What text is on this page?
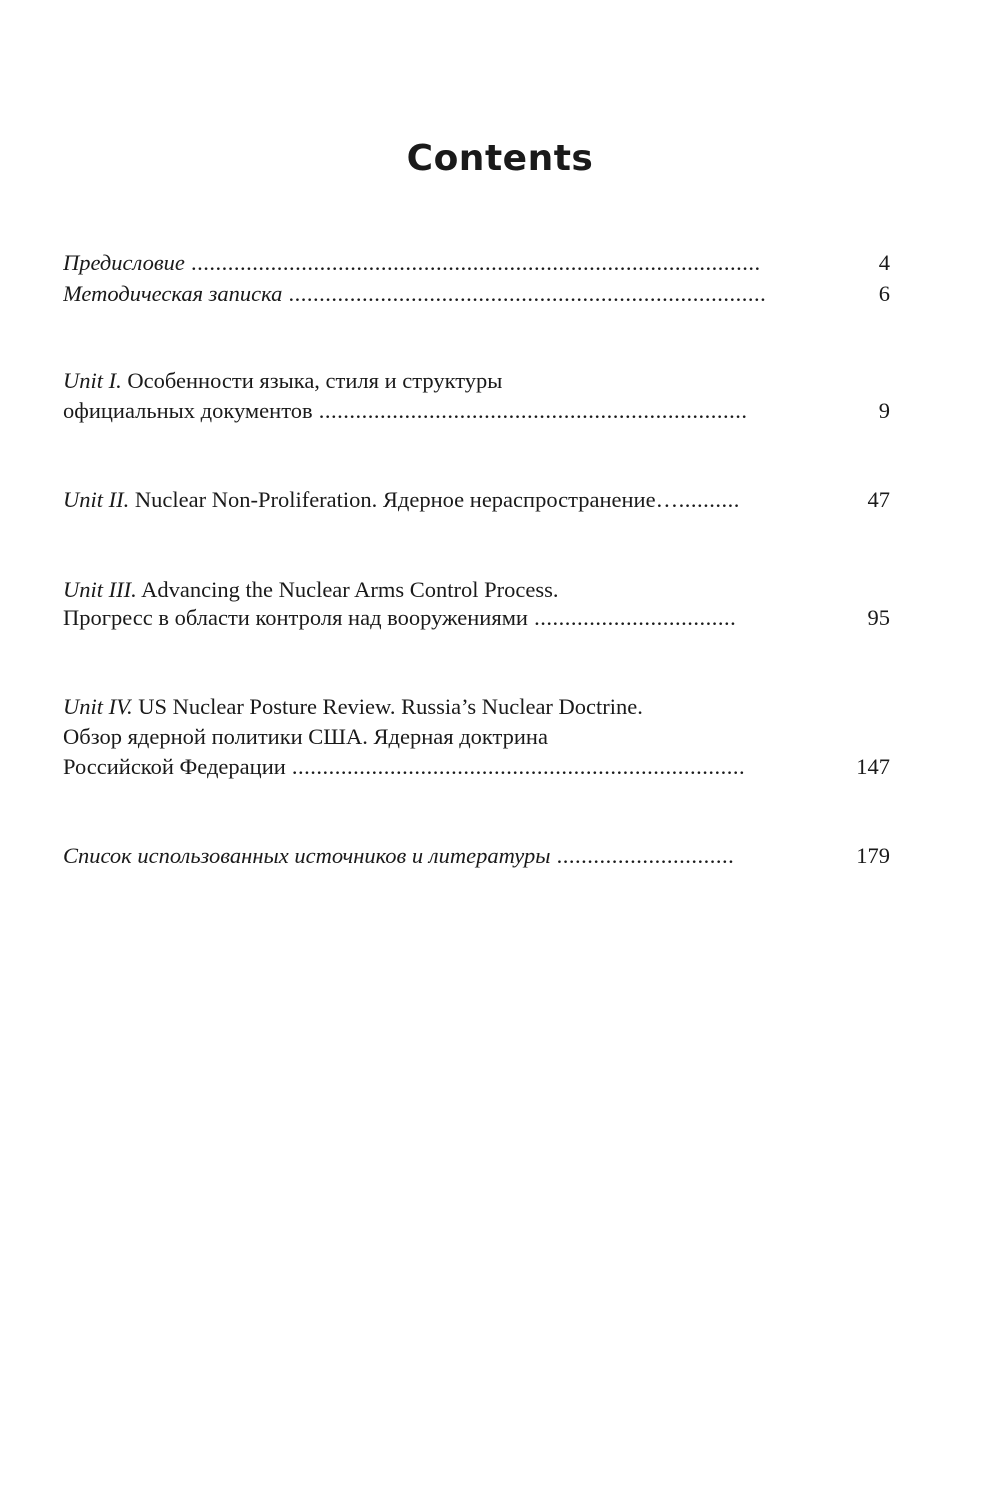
Contents
Предисловие .............................................................................................	4
Методическая записка ..............................................................................	6
Unit I. Особенности языка, стиля и структуры
официальных документов ......................................................................	9
Unit II. Nuclear Non-Proliferation. Ядерное нераспространение…..........	47
Unit III. Advancing the Nuclear Arms Control Process.
Прогресс в области контроля над вооружениями .................................	95
Unit IV. US Nuclear Posture Review. Russia’s Nuclear Doctrine.
Обзор ядерной политики США. Ядерная доктрина
Российской Федерации ..........................................................................	147
Список использованных источников и литературы .............................	179
